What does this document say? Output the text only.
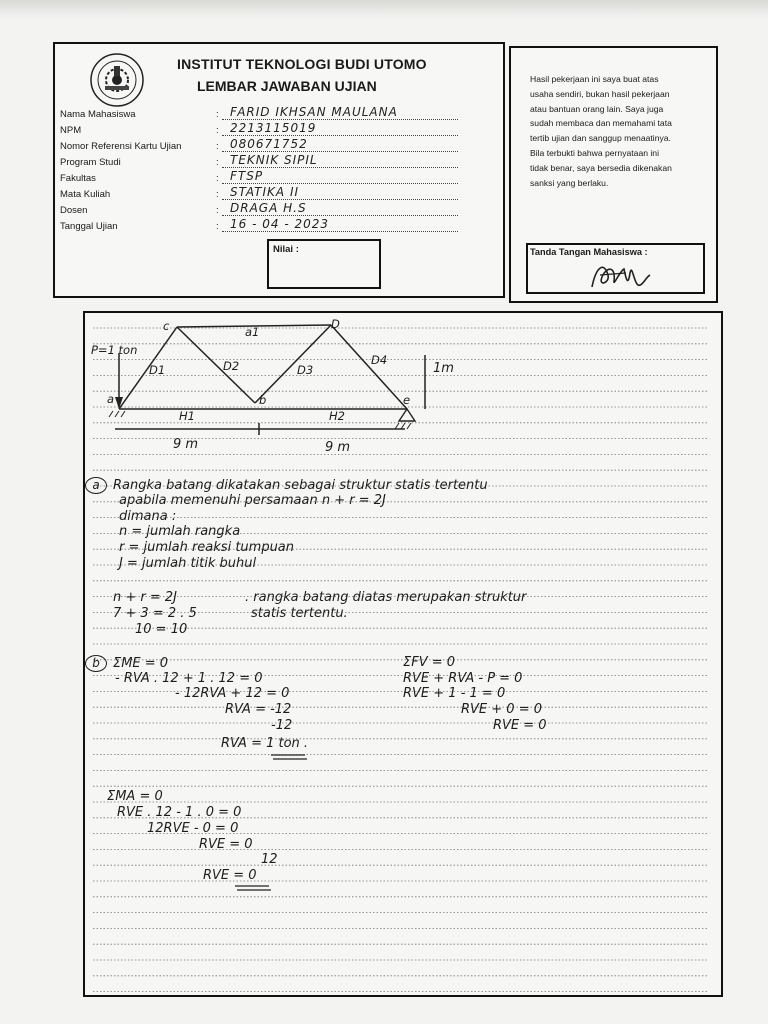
INSTITUT TEKNOLOGI BUDI UTOMO
LEMBAR JAWABAN UJIAN
Nama Mahasiswa	: FARID IKHSAN MAULANA
NPM	: 2213115019
Nomor Referensi Kartu Ujian	: 080671752
Program Studi	: TEKNIK SIPIL
Fakultas	: FTSP
Mata Kuliah	: STATIKA II
Dosen	: DRAGA H.S
Tanggal Ujian	: 16 - 04 - 2023
Nilai :
Hasil pekerjaan ini saya buat atas
usaha sendiri, bukan hasil pekerjaan
atau bantuan orang lain. Saya juga
sudah membaca dan memahami tata
tertib ujian dan sanggup menaatinya.
Bila terbukti bahwa pernyataan ini
tidak benar, saya bersedia dikenakan
sanksi yang berlaku.
Tanda Tangan Mahasiswa :
P=1 ton
a	b
c	D
e
D1	D2	D3
D4
a1
H1	H2
1m
9 m	9 m
a Rangka batang dikatakan sebagai struktur statis tertentu
apabila memenuhi persamaan n + r = 2J
dimana :
n = jumlah rangka
r = jumlah reaksi tumpuan
J = jumlah titik buhul
n + r = 2J
7 + 3 = 2 . 5
10 = 10
. rangka batang diatas merupakan struktur
statis tertentu.
b ΣME = 0
- RVA . 12 + 1 . 12 = 0
- 12RVA + 12 = 0
RVA = -12
-12
RVA = 1 ton .
ΣFV = 0
RVE + RVA - P = 0
RVE + 1 - 1 = 0
RVE + 0 = 0
RVE = 0
ΣMA = 0
RVE . 12 - 1 . 0 = 0
12RVE - 0 = 0
RVE = 0
12
RVE = 0
